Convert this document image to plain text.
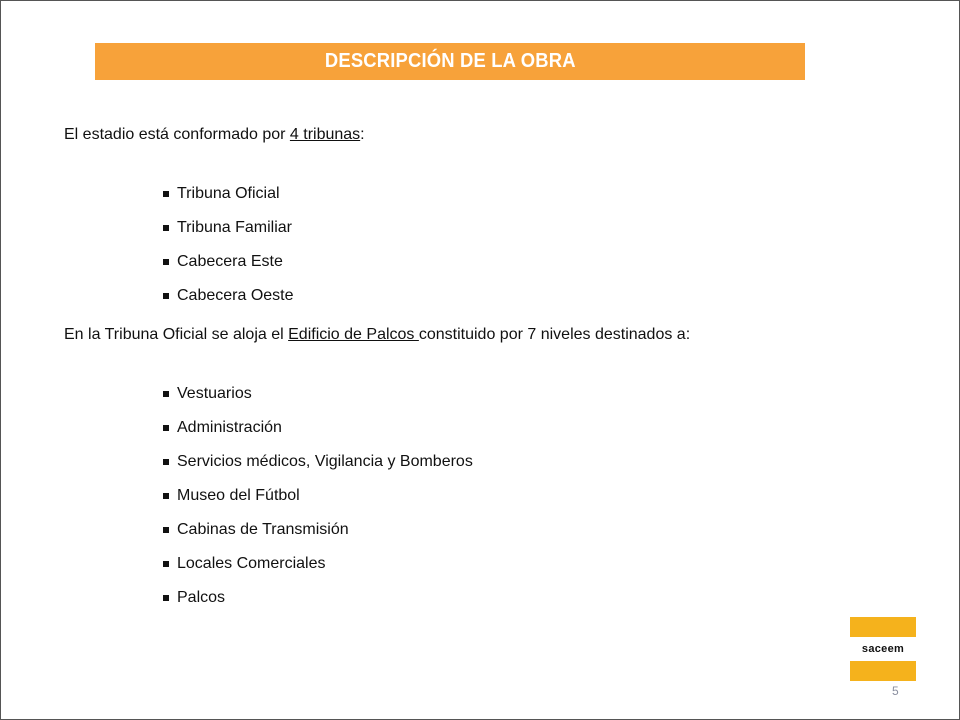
DESCRIPCIÓN DE LA OBRA
El estadio está conformado por 4 tribunas:
Tribuna Oficial
Tribuna Familiar
Cabecera Este
Cabecera Oeste
En la Tribuna Oficial se aloja el Edificio de Palcos constituido por 7 niveles destinados a:
Vestuarios
Administración
Servicios médicos, Vigilancia y Bomberos
Museo del Fútbol
Cabinas de Transmisión
Locales Comerciales
Palcos
saceem
5
